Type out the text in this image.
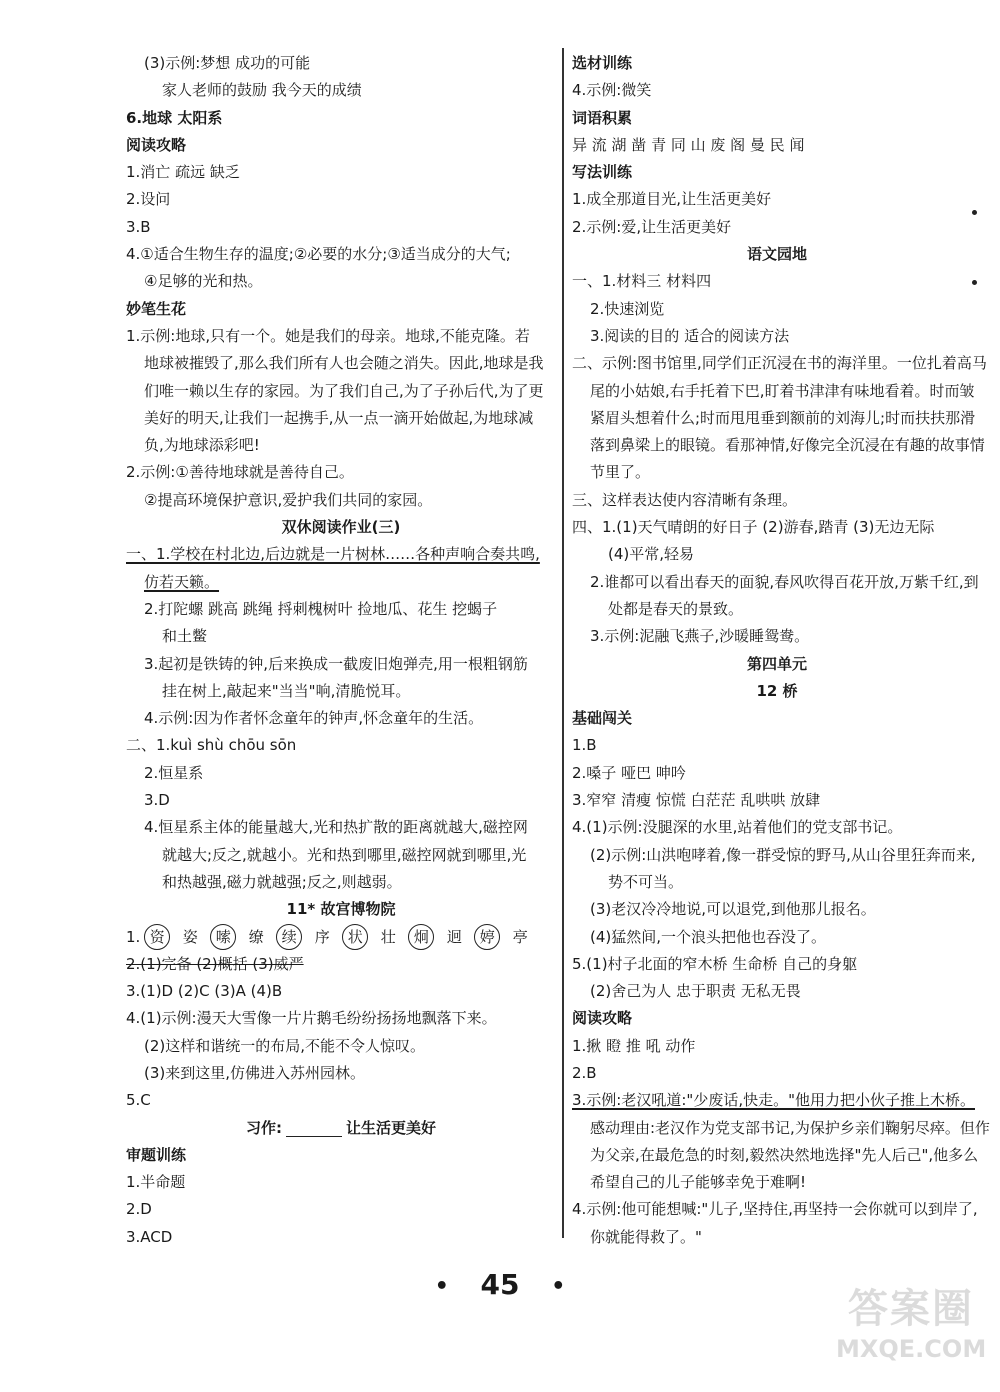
(3)示例:梦想 成功的可能
家人老师的鼓励 我今天的成绩
6.地球 太阳系
阅读攻略
1.消亡 疏远 缺乏
2.设问
3.B
4.①适合生物生存的温度;②必要的水分;③适当成分的大气;
④足够的光和热。
妙笔生花
1.示例:地球,只有一个。她是我们的母亲。地球,不能克隆。若
地球被摧毁了,那么我们所有人也会随之消失。因此,地球是我
们唯一赖以生存的家园。为了我们自己,为了子孙后代,为了更
美好的明天,让我们一起携手,从一点一滴开始做起,为地球减
负,为地球添彩吧!
2.示例:①善待地球就是善待自己。
②提高环境保护意识,爱护我们共同的家园。
双休阅读作业(三)
一、1.学校在村北边,后边就是一片树林……各种声响合奏共鸣,
仿若天籁。
2.打陀螺 跳高 跳绳 捋刺槐树叶 捡地瓜、花生 挖蝎子
和土鳖
3.起初是铁铸的钟,后来换成一截废旧炮弹壳,用一根粗钢筋
挂在树上,敲起来"当当"响,清脆悦耳。
4.示例:因为作者怀念童年的钟声,怀念童年的生活。
二、1.kuì shù chōu sōn
2.恒星系
3.D
4.恒星系主体的能量越大,光和热扩散的距离就越大,磁控网
就越大;反之,就越小。光和热到哪里,磁控网就到哪里,光
和热越强,磁力就越强;反之,则越弱。
11* 故宫博物院
1. 资 姿 嗦 缭 续 序 状 壮 炯 迥 婷 亭
2.(1)完备 (2)概括 (3)威严
3.(1)D (2)C (3)A (4)B
4.(1)示例:漫天大雪像一片片鹅毛纷纷扬扬地飘落下来。
(2)这样和谐统一的布局,不能不令人惊叹。
(3)来到这里,仿佛进入苏州园林。
5.C
习作:	让生活更美好
审题训练
1.半命题
2.D
3.ACD
选材训练
4.示例:微笑
词语积累
异 流 湖 凿 青 同 山 废 阁 曼 民 闻
写法训练
1.成全那道目光,让生活更美好
2.示例:爱,让生活更美好
语文园地
一、1.材料三 材料四
2.快速浏览
3.阅读的目的 适合的阅读方法
二、示例:图书馆里,同学们正沉浸在书的海洋里。一位扎着高马
尾的小姑娘,右手托着下巴,盯着书津津有味地看着。时而皱
紧眉头想着什么;时而甩甩垂到额前的刘海儿;时而扶扶那滑
落到鼻梁上的眼镜。看那神情,好像完全沉浸在有趣的故事情
节里了。
三、这样表达使内容清晰有条理。
四、1.(1)天气晴朗的好日子 (2)游春,踏青 (3)无边无际
(4)平常,轻易
2.谁都可以看出春天的面貌,春风吹得百花开放,万紫千红,到
处都是春天的景致。
3.示例:泥融飞燕子,沙暖睡鸳鸯。
第四单元
12 桥
基础闯关
1.B
2.嗓子 哑巴 呻吟
3.窄窄 清瘦 惊慌 白茫茫 乱哄哄 放肆
4.(1)示例:没腿深的水里,站着他们的党支部书记。
(2)示例:山洪咆哮着,像一群受惊的野马,从山谷里狂奔而来,
势不可当。
(3)老汉冷冷地说,可以退党,到他那儿报名。
(4)猛然间,一个浪头把他也吞没了。
5.(1)村子北面的窄木桥 生命桥 自己的身躯
(2)舍己为人 忠于职责 无私无畏
阅读攻略
1.揪 瞪 推 吼 动作
2.B
3.示例:老汉吼道:"少废话,快走。"他用力把小伙子推上木桥。
感动理由:老汉作为党支部书记,为保护乡亲们鞠躬尽瘁。但作
为父亲,在最危急的时刻,毅然决然地选择"先人后己",他多么
希望自己的儿子能够幸免于难啊!
4.示例:他可能想喊:"儿子,坚持住,再坚持一会你就可以到岸了,
你就能得救了。"
• 45 •	答案圈
MXQE.COM
